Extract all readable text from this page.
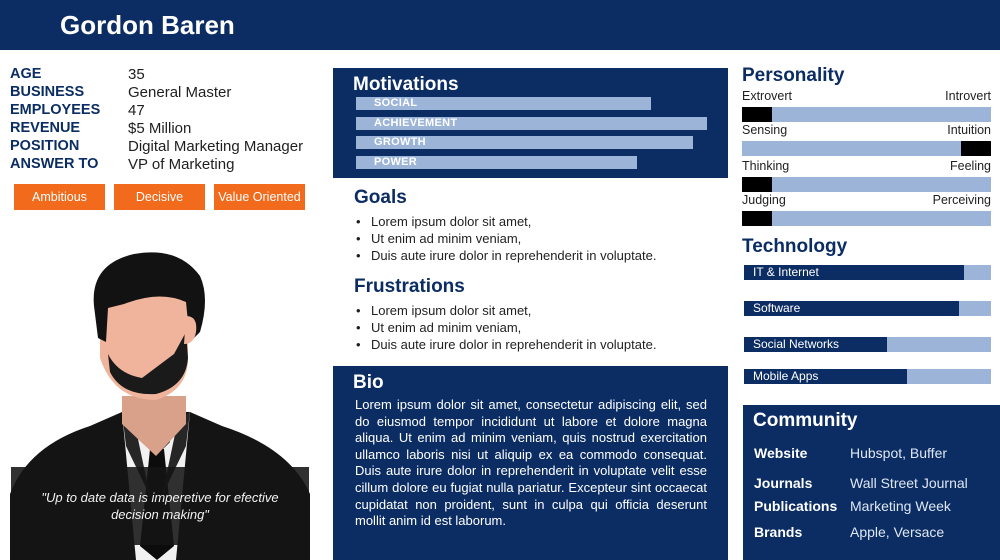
Gordon Baren
AGE	35
BUSINESS	General Master
EMPLOYEES	47
REVENUE	$5 Million
POSITION	Digital Marketing Manager
ANSWER TO	VP of Marketing
Ambitious	Decisive	Value Oriented
"Up to date data is imperetive for efective decision making"
Motivations
SOCIAL
ACHIEVEMENT
GROWTH
POWER
Goals
• Lorem ipsum dolor sit amet,
• Ut enim ad minim veniam,
• Duis aute irure dolor in reprehenderit in voluptate.
Frustrations
• Lorem ipsum dolor sit amet,
• Ut enim ad minim veniam,
• Duis aute irure dolor in reprehenderit in voluptate.
Bio
Lorem ipsum dolor sit amet, consectetur adipiscing elit, sed do eiusmod tempor incididunt ut labore et dolore magna aliqua. Ut enim ad minim veniam, quis nostrud exercitation ullamco laboris nisi ut aliquip ex ea commodo consequat. Duis aute irure dolor in reprehenderit in voluptate velit esse cillum dolore eu fugiat nulla pariatur. Excepteur sint occaecat cupidatat non proident, sunt in culpa qui officia deserunt mollit anim id est laborum.
Personality
Extrovert	Introvert
Sensing	Intuition
Thinking	Feeling
Judging	Perceiving
Technology
IT & Internet
Software
Social Networks
Mobile Apps
Community
Website	Hubspot, Buffer
Journals	Wall Street Journal
Publications Marketing Week
Brands	Apple, Versace
